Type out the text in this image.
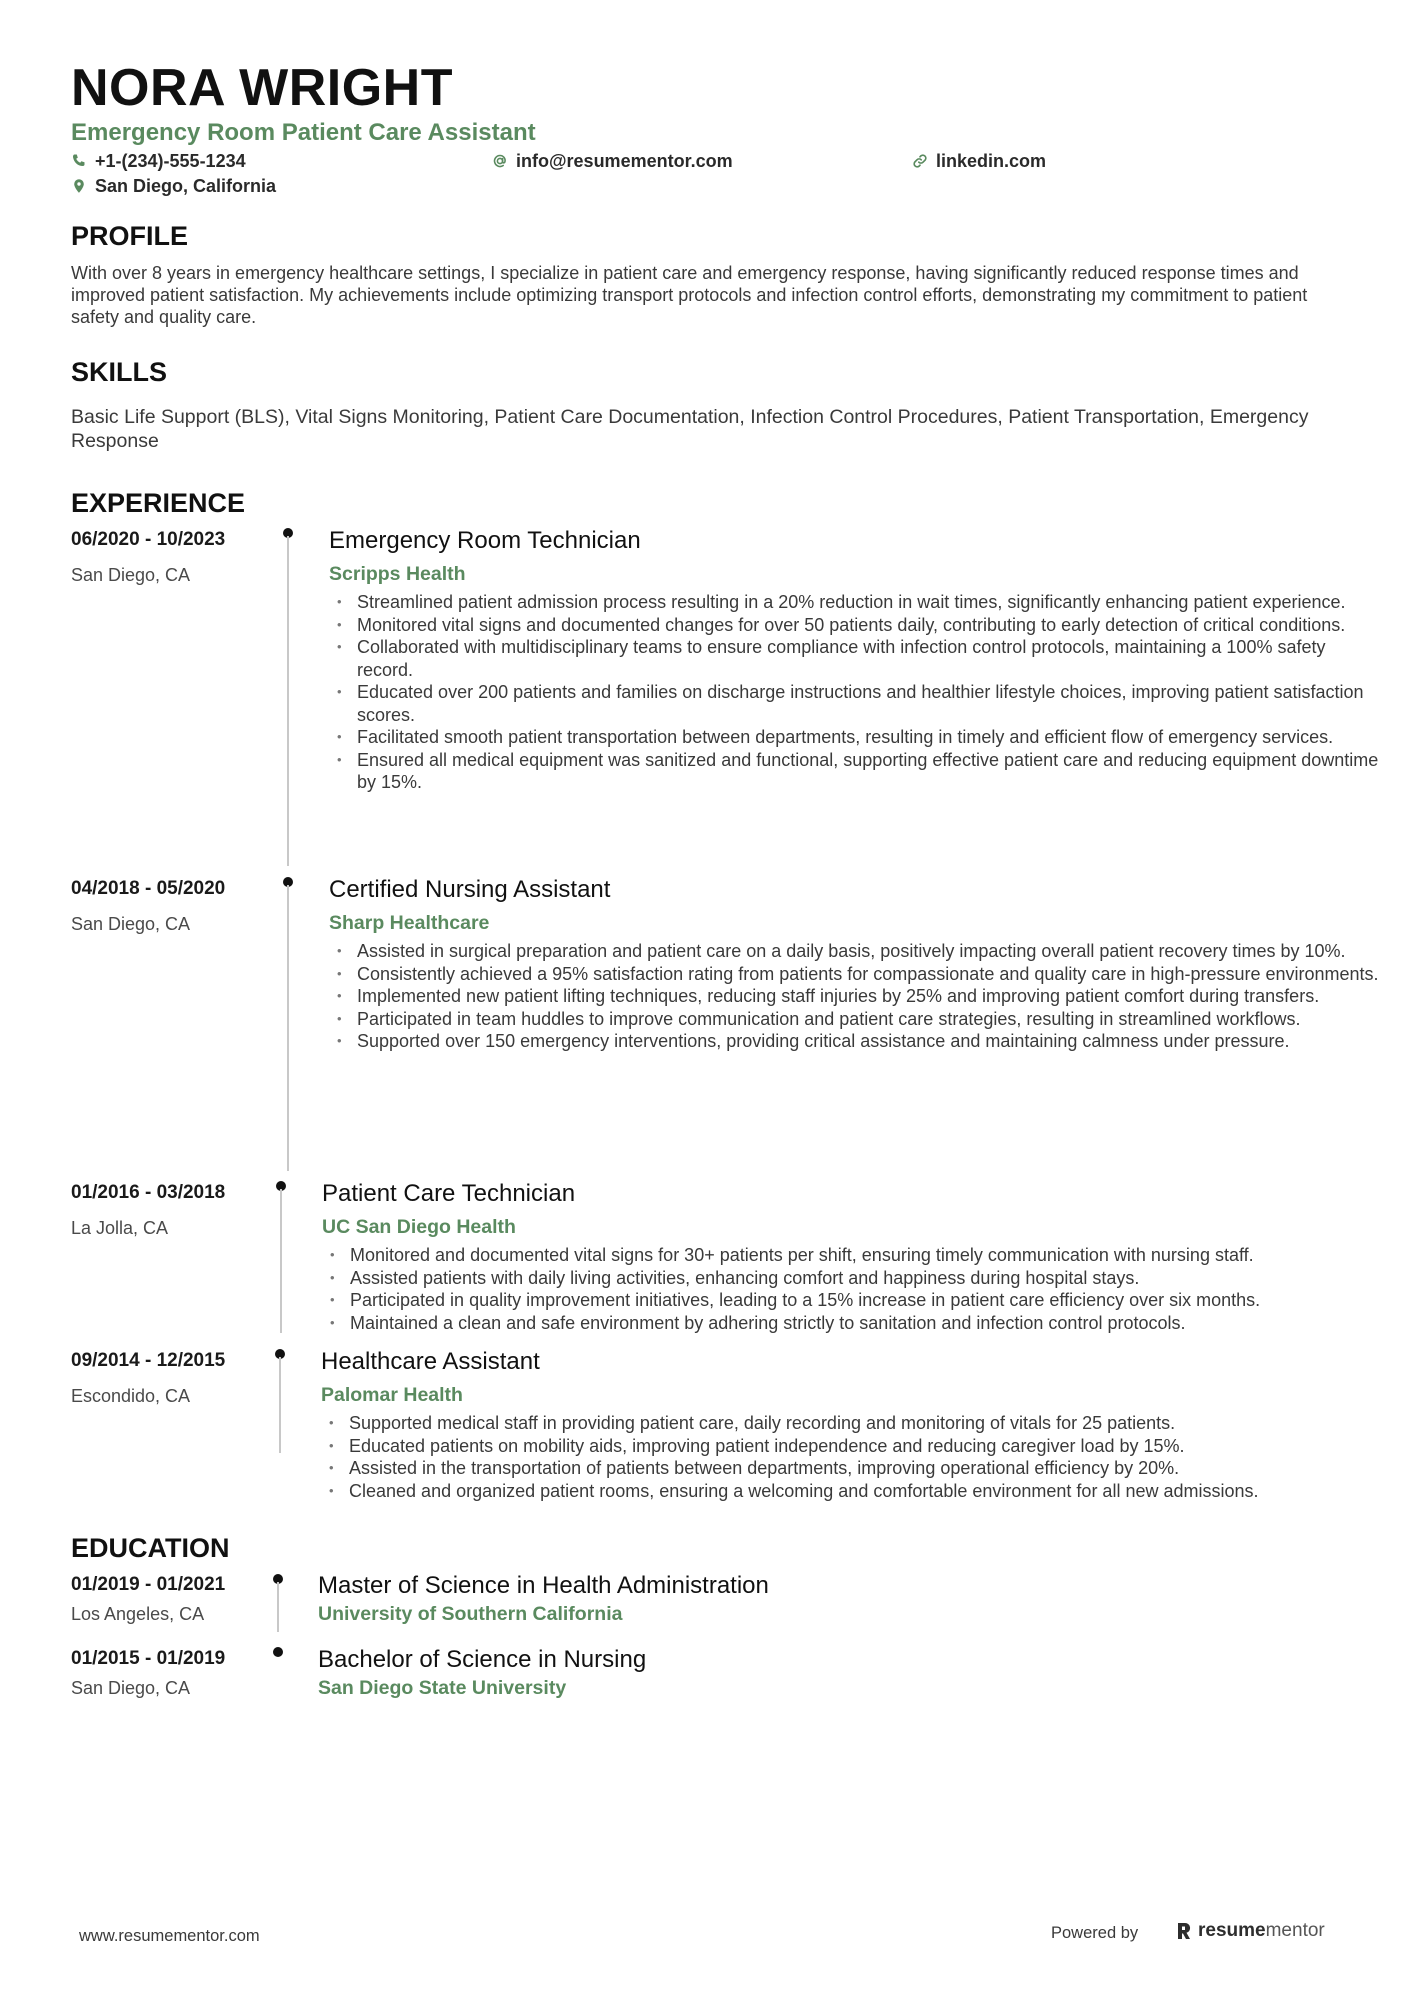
NORA WRIGHT
Emergency Room Patient Care Assistant
+1-(234)-555-1234	info@resumementor.com	linkedin.com
San Diego, California
PROFILE
With over 8 years in emergency healthcare settings, I specialize in patient care and emergency response, having significantly reduced response times and improved patient satisfaction. My achievements include optimizing transport protocols and infection control efforts, demonstrating my commitment to patient safety and quality care.
SKILLS
Basic Life Support (BLS), Vital Signs Monitoring, Patient Care Documentation, Infection Control Procedures, Patient Transportation, Emergency Response
EXPERIENCE
06/2020 - 10/2023
San Diego, CA
Emergency Room Technician
Scripps Health
• Streamlined patient admission process resulting in a 20% reduction in wait times, significantly enhancing patient experience.
• Monitored vital signs and documented changes for over 50 patients daily, contributing to early detection of critical conditions.
• Collaborated with multidisciplinary teams to ensure compliance with infection control protocols, maintaining a 100% safety record.
• Educated over 200 patients and families on discharge instructions and healthier lifestyle choices, improving patient satisfaction scores.
• Facilitated smooth patient transportation between departments, resulting in timely and efficient flow of emergency services.
• Ensured all medical equipment was sanitized and functional, supporting effective patient care and reducing equipment downtime by 15%.
04/2018 - 05/2020
San Diego, CA
Certified Nursing Assistant
Sharp Healthcare
• Assisted in surgical preparation and patient care on a daily basis, positively impacting overall patient recovery times by 10%.
• Consistently achieved a 95% satisfaction rating from patients for compassionate and quality care in high-pressure environments.
• Implemented new patient lifting techniques, reducing staff injuries by 25% and improving patient comfort during transfers.
• Participated in team huddles to improve communication and patient care strategies, resulting in streamlined workflows.
• Supported over 150 emergency interventions, providing critical assistance and maintaining calmness under pressure.
01/2016 - 03/2018
La Jolla, CA
Patient Care Technician
UC San Diego Health
• Monitored and documented vital signs for 30+ patients per shift, ensuring timely communication with nursing staff.
• Assisted patients with daily living activities, enhancing comfort and happiness during hospital stays.
• Participated in quality improvement initiatives, leading to a 15% increase in patient care efficiency over six months.
• Maintained a clean and safe environment by adhering strictly to sanitation and infection control protocols.
09/2014 - 12/2015
Escondido, CA
Healthcare Assistant
Palomar Health
• Supported medical staff in providing patient care, daily recording and monitoring of vitals for 25 patients.
• Educated patients on mobility aids, improving patient independence and reducing caregiver load by 15%.
• Assisted in the transportation of patients between departments, improving operational efficiency by 20%.
• Cleaned and organized patient rooms, ensuring a welcoming and comfortable environment for all new admissions.
EDUCATION
01/2019 - 01/2021
Los Angeles, CA
Master of Science in Health Administration
University of Southern California
01/2015 - 01/2019
San Diego, CA
Bachelor of Science in Nursing
San Diego State University
www.resumementor.com	Powered by	resumementor
